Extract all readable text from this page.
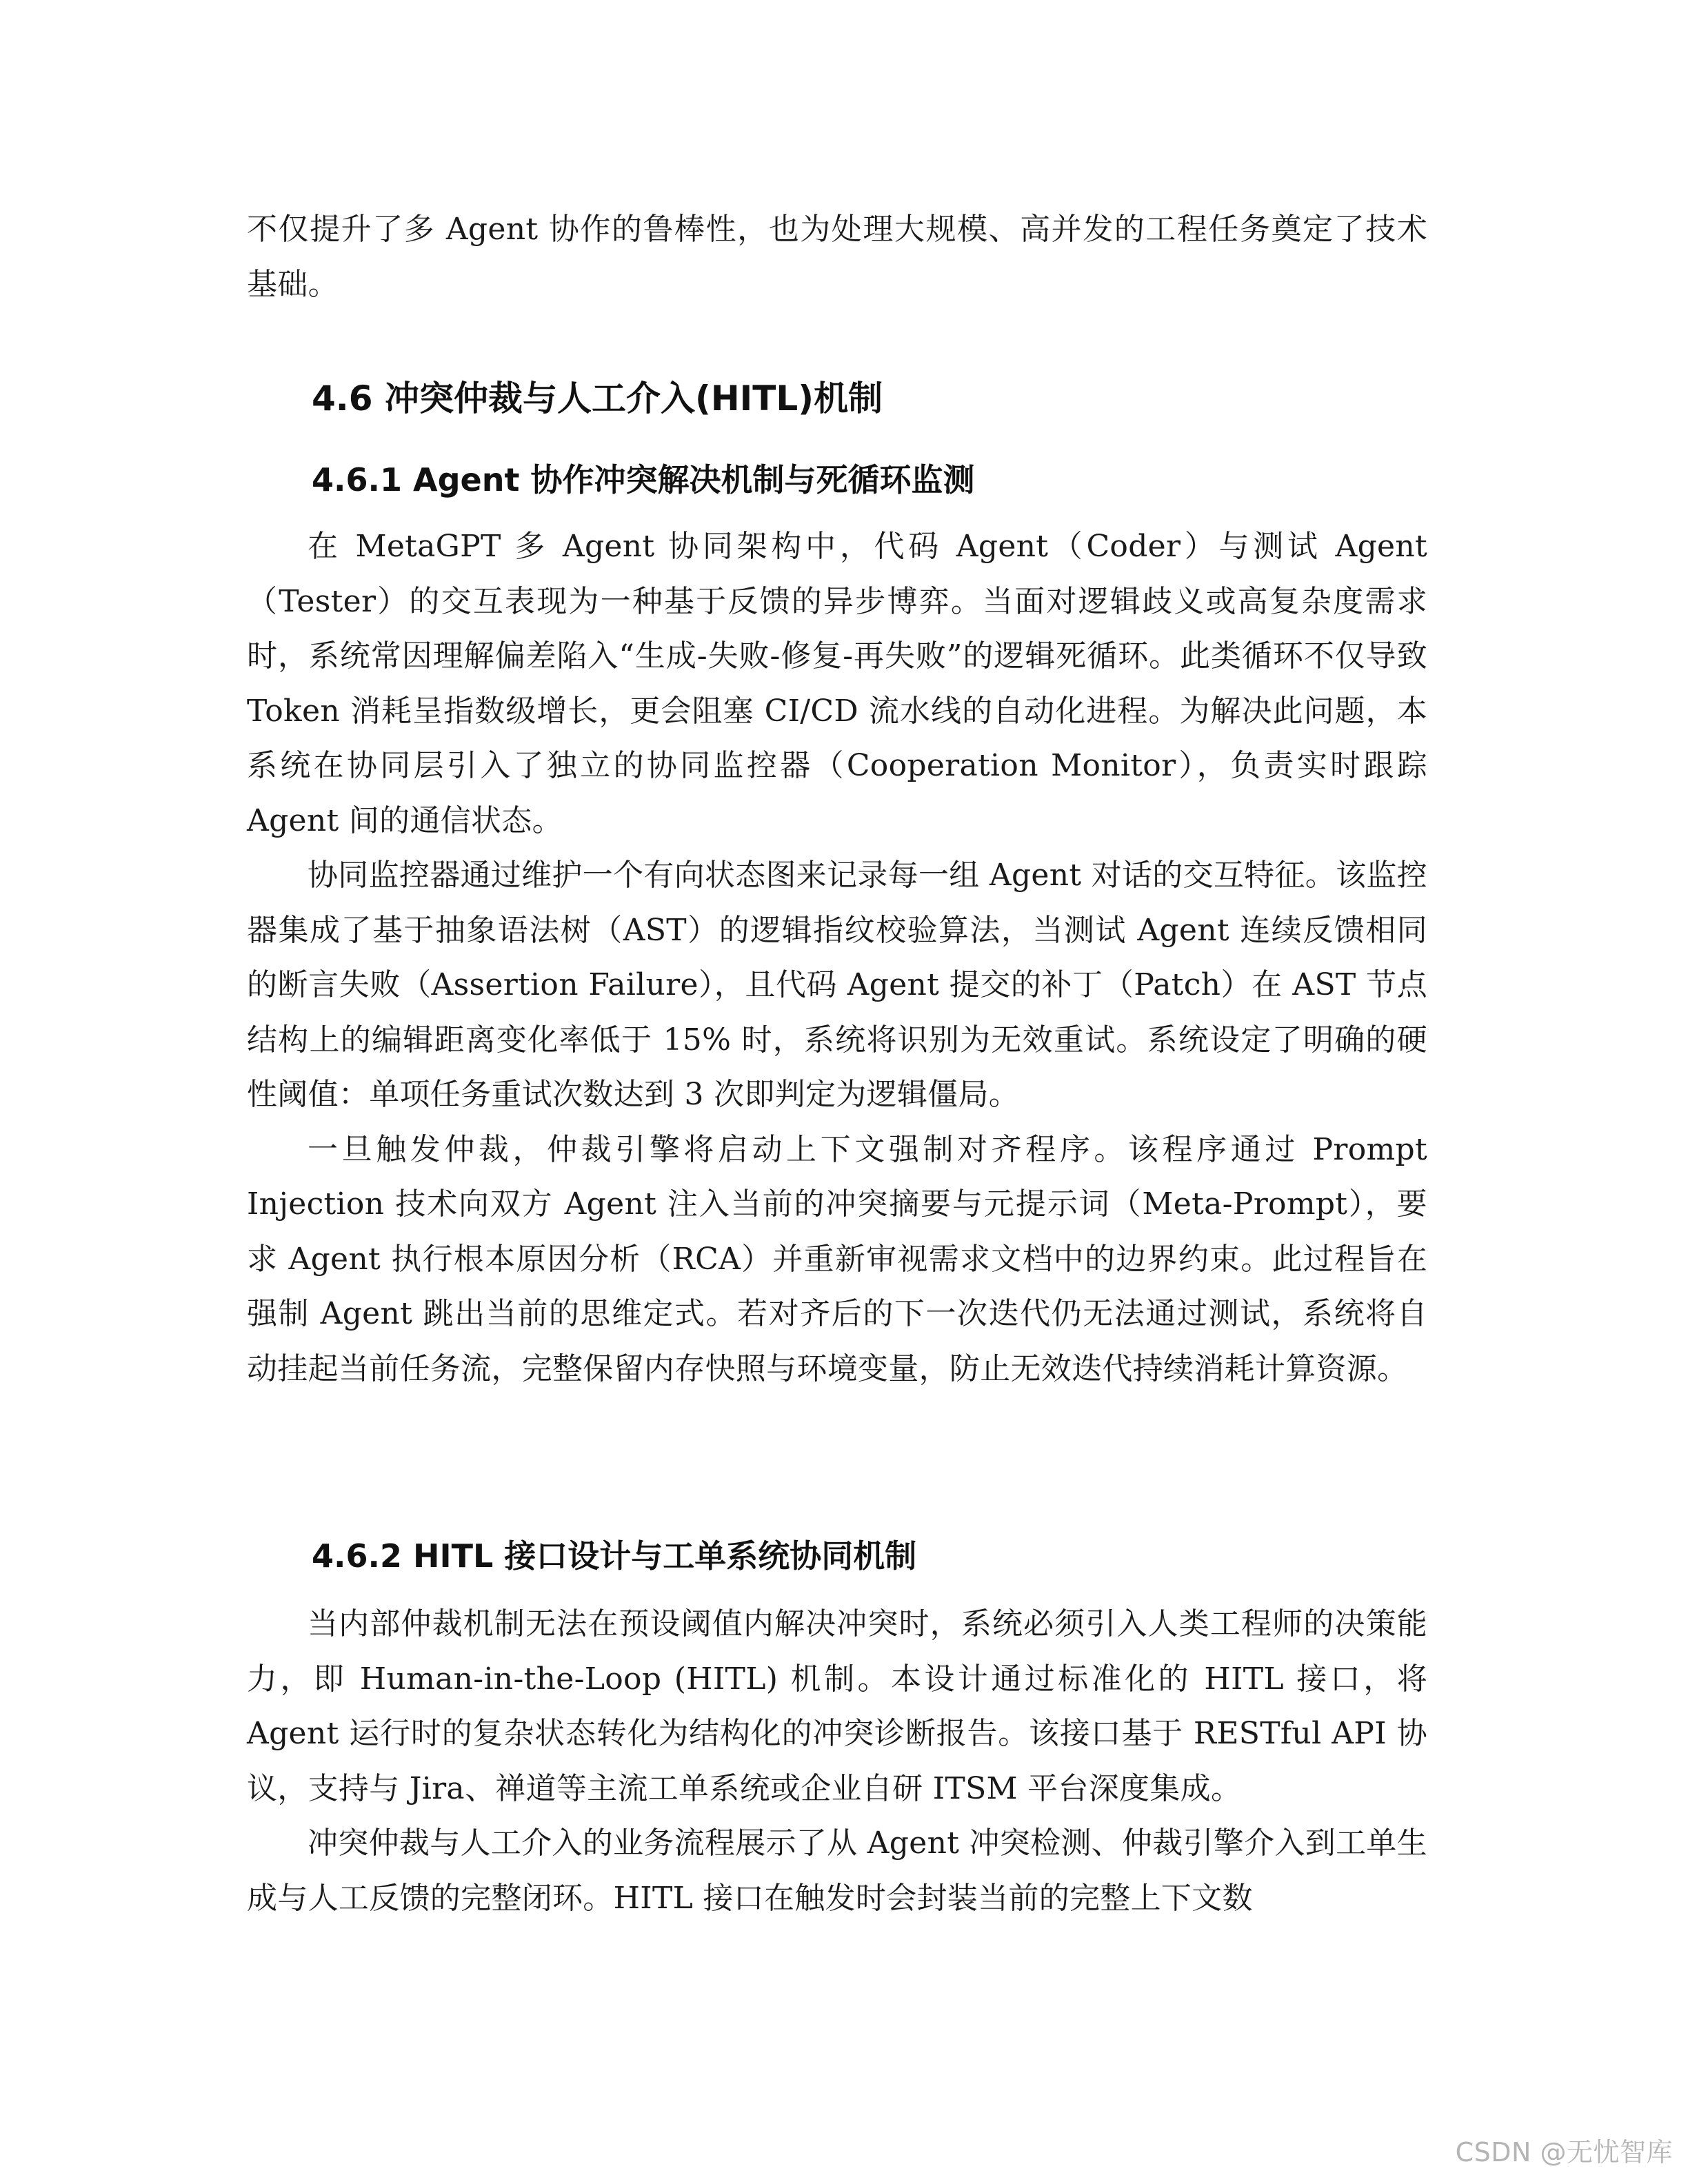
不仅提升了多 Agent 协作的鲁棒性，也为处理大规模、高并发的工程任务奠定了技术基础。

4.6 冲突仲裁与人工介入(HITL)机制
4.6.1 Agent 协作冲突解决机制与死循环监测

在 MetaGPT 多 Agent 协同架构中，代码 Agent（Coder）与测试 Agent（Tester）的交互表现为一种基于反馈的异步博弈。当面对逻辑歧义或高复杂度需求时，系统常因理解偏差陷入“生成-失败-修复-再失败”的逻辑死循环。此类循环不仅导致 Token 消耗呈指数级增长，更会阻塞 CI/CD 流水线的自动化进程。为解决此问题，本系统在协同层引入了独立的协同监控器（Cooperation Monitor），负责实时跟踪 Agent 间的通信状态。

协同监控器通过维护一个有向状态图来记录每一组 Agent 对话的交互特征。该监控器集成了基于抽象语法树（AST）的逻辑指纹校验算法，当测试 Agent 连续反馈相同的断言失败（Assertion Failure），且代码 Agent 提交的补丁（Patch）在 AST 节点结构上的编辑距离变化率低于 15% 时，系统将识别为无效重试。系统设定了明确的硬性阈值：单项任务重试次数达到 3 次即判定为逻辑僵局。

一旦触发仲裁，仲裁引擎将启动上下文强制对齐程序。该程序通过 Prompt Injection 技术向双方 Agent 注入当前的冲突摘要与元提示词（Meta-Prompt），要求 Agent 执行根本原因分析（RCA）并重新审视需求文档中的边界约束。此过程旨在强制 Agent 跳出当前的思维定式。若对齐后的下一次迭代仍无法通过测试，系统将自动挂起当前任务流，完整保留内存快照与环境变量，防止无效迭代持续消耗计算资源。

4.6.2 HITL 接口设计与工单系统协同机制

当内部仲裁机制无法在预设阈值内解决冲突时，系统必须引入人类工程师的决策能力，即 Human-in-the-Loop (HITL) 机制。本设计通过标准化的 HITL 接口，将 Agent 运行时的复杂状态转化为结构化的冲突诊断报告。该接口基于 RESTful API 协议，支持与 Jira、禅道等主流工单系统或企业自研 ITSM 平台深度集成。

冲突仲裁与人工介入的业务流程展示了从 Agent 冲突检测、仲裁引擎介入到工单生成与人工反馈的完整闭环。HITL 接口在触发时会封装当前的完整上下文数

CSDN @无忧智库
